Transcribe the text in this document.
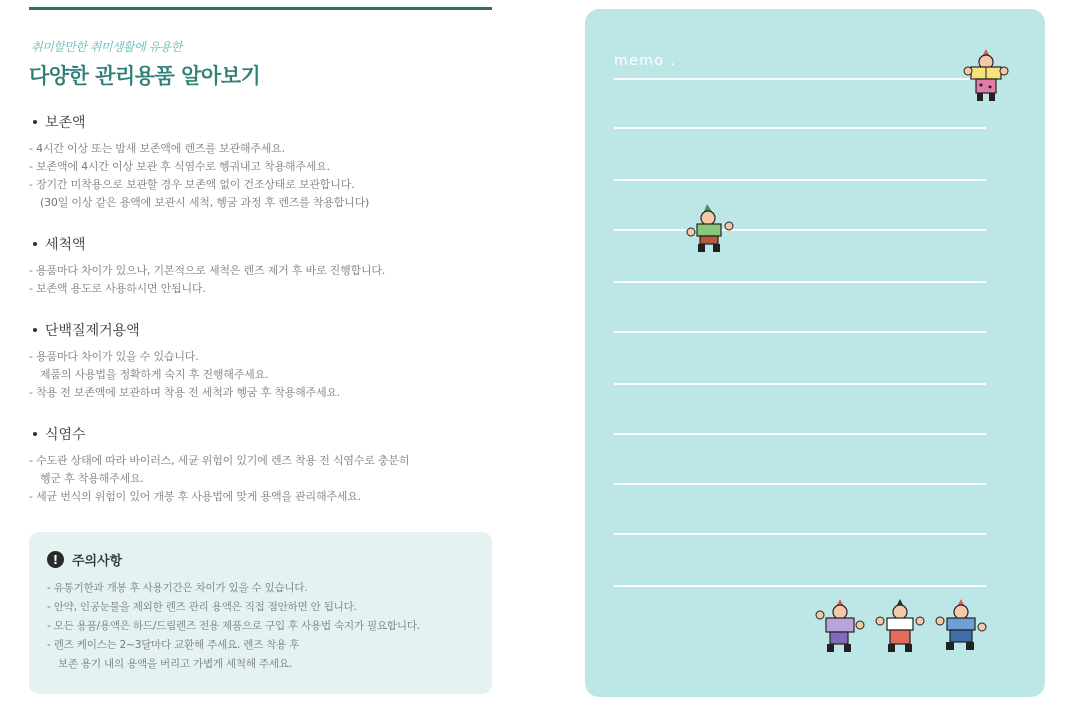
취미할만한 취미생활에 유용한
다양한 관리용품 알아보기
보존액
- 4시간 이상 또는 밤새 보존액에 렌즈를 보관해주세요.
- 보존액에 4시간 이상 보관 후 식염수로 헹궈내고 착용해주세요.
- 장기간 미착용으로 보관할 경우 보존액 없이 건조상태로 보관합니다.
(30일 이상 같은 용액에 보관시 세척, 헹굼 과정 후 렌즈를 착용합니다)
세척액
- 용품마다 차이가 있으나, 기본적으로 세척은 렌즈 제거 후 바로 진행합니다.
- 보존액 용도로 사용하시면 안됩니다.
단백질제거용액
- 용품마다 차이가 있을 수 있습니다.
제품의 사용법을 정확하게 숙지 후 진행해주세요.
- 착용 전 보존액에 보관하며 착용 전 세척과 헹굼 후 착용해주세요.
식염수
- 수도관 상태에 따라 바이러스, 세균 위험이 있기에 렌즈 착용 전 식염수로 충분히
헹군 후 착용해주세요.
- 세균 번식의 위험이 있어 개봉 후 사용법에 맞게 용액을 관리해주세요.
!	주의사항
- 유통기한과 개봉 후 사용기간은 차이가 있을 수 있습니다.
- 안약, 인공눈물을 제외한 렌즈 관리 용액은 직접 점안하면 안 됩니다.
- 모든 용품/용액은 하드/드림렌즈 전용 제품으로 구입 후 사용법 숙지가 필요합니다.
- 렌즈 케이스는 2~3달마다 교환해 주세요. 렌즈 착용 후
보존 용기 내의 용액을 버리고 가볍게 세척해 주세요.
memo .
